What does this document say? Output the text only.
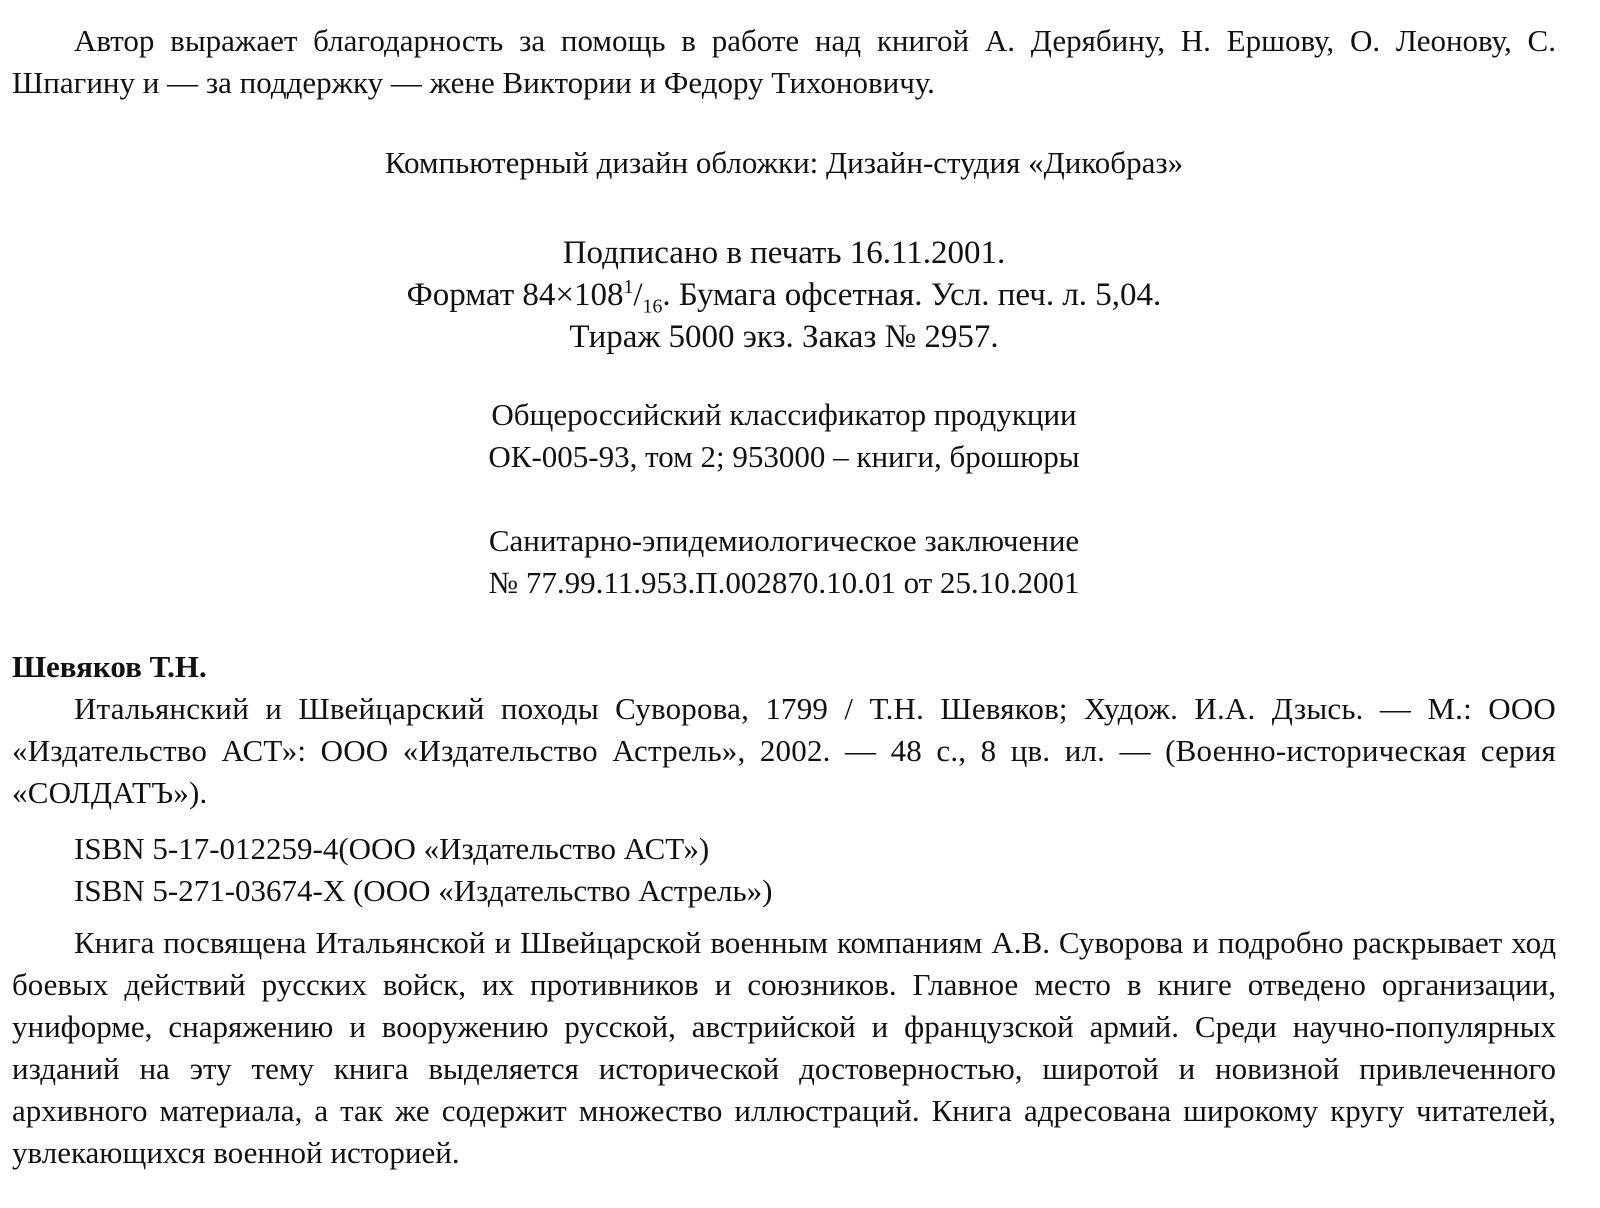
Автор выражает благодарность за помощь в работе над книгой А. Дерябину, Н. Ершову, О. Леонову, С. Шпагину и — за поддержку — жене Виктории и Федору Тихоновичу.

Компьютерный дизайн обложки: Дизайн-студия «Дикобраз»
Подписано в печать 16.11.2001.
Формат $84\times 108^1/_{16}$. Бумага офсетная. Усл. печ. л. 5,04.
Тираж 5000 экз. Заказ № 2957.
Общероссийский классификатор продукции
ОК-005-93, том 2; 953000 – книги, брошюры
Санитарно-эпидемиологическое заключение
№ 77.99.11.953.П.002870.10.01 от 25.10.2001
Шевяков Т.Н.

Итальянский и Швейцарский походы Суворова, 1799 / Т.Н. Шевяков; Худож. И.А. Дзысь. — М.: ООО «Издательство АСТ»: ООО «Издательство Астрель», 2002. — 48 с., 8 цв. ил. — (Военно-историческая серия «СОЛДАТЪ»).

ISBN 5-17-012259-4(ООО «Издательство АСТ»)
ISBN 5-271-03674-Х (ООО «Издательство Астрель»)

Книга посвящена Итальянской и Швейцарской военным компаниям А.В. Суворова и подробно раскрывает ход боевых действий русских войск, их противников и союзников. Главное место в книге отведено организации, униформе, снаряжению и вооружению русской, австрийской и французской армий. Среди научно-популярных изданий на эту тему книга выделяется исторической достоверностью, широтой и новизной привлеченного архивного материала, а так же содержит множество иллюстраций. Книга адресована широкому кругу читателей, увлекающихся военной историей.
